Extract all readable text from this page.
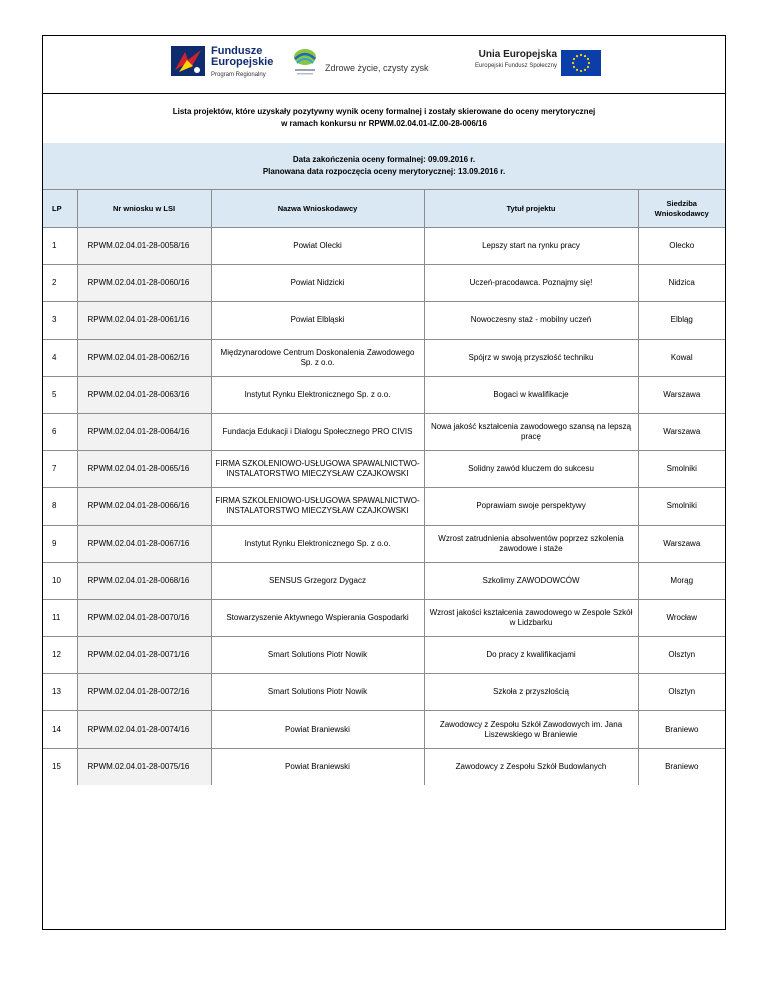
Fundusze
Europejskie
Program Regionalny
Zdrowe życie, czysty zysk
Unia Europejska
Europejski Fundusz Społeczny
Lista projektów, które uzyskały pozytywny wynik oceny formalnej i zostały skierowane do oceny merytorycznej
w ramach konkursu nr RPWM.02.04.01-IZ.00-28-006/16
Data zakończenia oceny formalnej: 09.09.2016 r.
Planowana data rozpoczęcia oceny merytorycznej: 13.09.2016 r.
LP	Nr wniosku w LSI	Nazwa Wnioskodawcy	Tytuł projektu	Siedziba Wnioskodawcy
1	RPWM.02.04.01-28-0058/16	Powiat Olecki	Lepszy start na rynku pracy	Olecko
2	RPWM.02.04.01-28-0060/16	Powiat Nidzicki	Uczeń-pracodawca. Poznajmy się!	Nidzica
3	RPWM.02.04.01-28-0061/16	Powiat Elbląski	Nowoczesny staż - mobilny uczeń	Elbląg
4	RPWM.02.04.01-28-0062/16	Międzynarodowe Centrum Doskonalenia Zawodowego Sp. z o.o.	Spójrz w swoją przyszłość techniku	Kowal
5	RPWM.02.04.01-28-0063/16	Instytut Rynku Elektronicznego Sp. z o.o.	Bogaci w kwalifikacje	Warszawa
6	RPWM.02.04.01-28-0064/16	Fundacja Edukacji i Dialogu Społecznego PRO CIVIS	Nowa jakość kształcenia zawodowego szansą na lepszą pracę	Warszawa
7	RPWM.02.04.01-28-0065/16	FIRMA SZKOLENIOWO-USŁUGOWA SPAWALNICTWO-INSTALATORSTWO MIECZYSŁAW CZAJKOWSKI	Solidny zawód kluczem do sukcesu	Smolniki
8	RPWM.02.04.01-28-0066/16	FIRMA SZKOLENIOWO-USŁUGOWA SPAWALNICTWO-INSTALATORSTWO MIECZYSŁAW CZAJKOWSKI	Poprawiam swoje perspektywy	Smolniki
9	RPWM.02.04.01-28-0067/16	Instytut Rynku Elektronicznego Sp. z o.o.	Wzrost zatrudnienia absolwentów poprzez szkolenia zawodowe i staże	Warszawa
10	RPWM.02.04.01-28-0068/16	SENSUS Grzegorz Dygacz	Szkolimy ZAWODOWCÓW	Morąg
11	RPWM.02.04.01-28-0070/16	Stowarzyszenie Aktywnego Wspierania Gospodarki	Wzrost jakości kształcenia zawodowego w Zespole Szkół w Lidzbarku	Wrocław
12	RPWM.02.04.01-28-0071/16	Smart Solutions Piotr Nowik	Do pracy z kwalifikacjami	Olsztyn
13	RPWM.02.04.01-28-0072/16	Smart Solutions Piotr Nowik	Szkoła z przyszłością	Olsztyn
14	RPWM.02.04.01-28-0074/16	Powiat Braniewski	Zawodowcy z Zespołu Szkół Zawodowych im. Jana Liszewskiego w Braniewie	Braniewo
15	RPWM.02.04.01-28-0075/16	Powiat Braniewski	Zawodowcy z Zespołu Szkół Budowlanych	Braniewo
